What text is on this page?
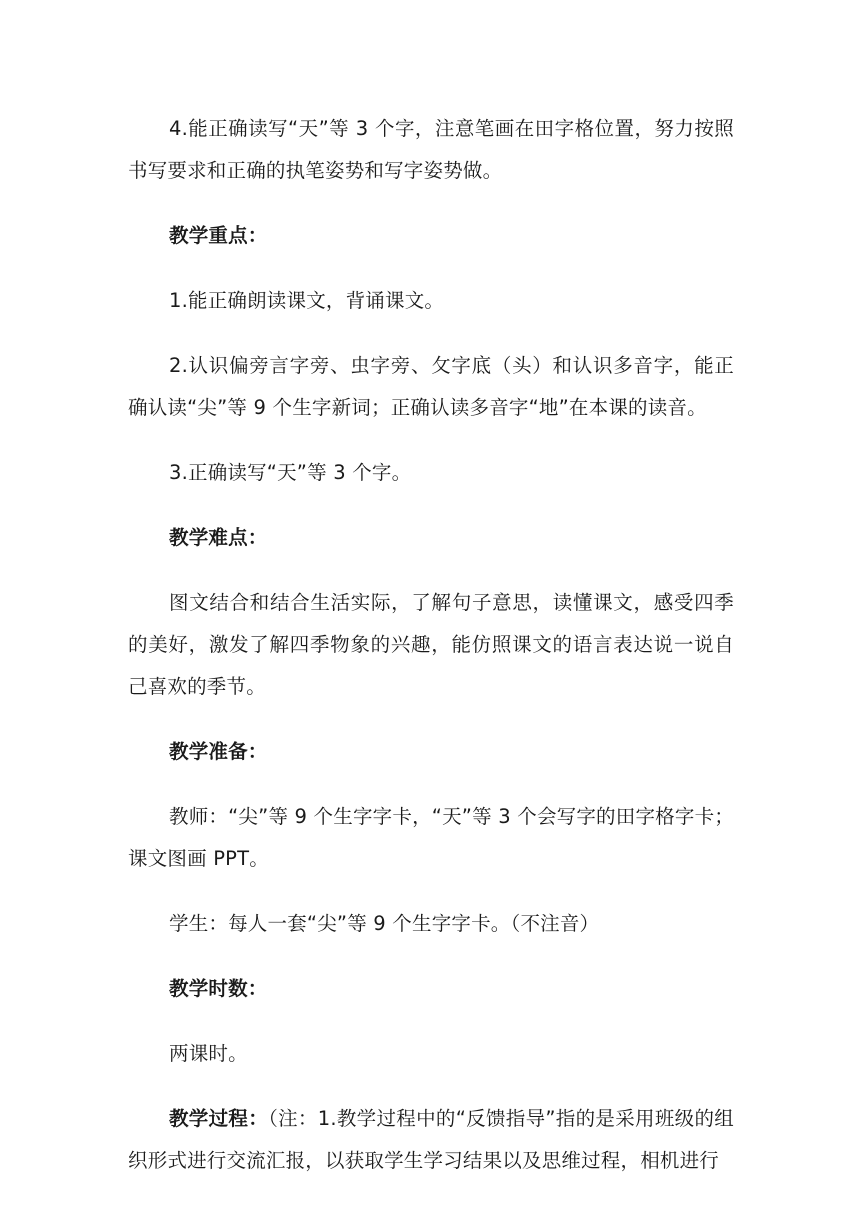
4.能正确读写“天”等 3 个字，注意笔画在田字格位置，努力按照书写要求和正确的执笔姿势和写字姿势做。

教学重点：

1.能正确朗读课文，背诵课文。

2.认识偏旁言字旁、虫字旁、攵字底（头）和认识多音字，能正确认读“尖”等 9 个生字新词；正确认读多音字“地”在本课的读音。

3.正确读写“天”等 3 个字。

教学难点：

图文结合和结合生活实际，了解句子意思，读懂课文，感受四季的美好，激发了解四季物象的兴趣，能仿照课文的语言表达说一说自己喜欢的季节。

教学准备：

教师：“尖”等 9 个生字字卡，“天”等 3 个会写字的田字格字卡；课文图画 PPT。

学生：每人一套“尖”等 9 个生字字卡。（不注音）

教学时数：

两课时。

教学过程：（注：1.教学过程中的“反馈指导”指的是采用班级的组织形式进行交流汇报，以获取学生学习结果以及思维过程，相机进行
